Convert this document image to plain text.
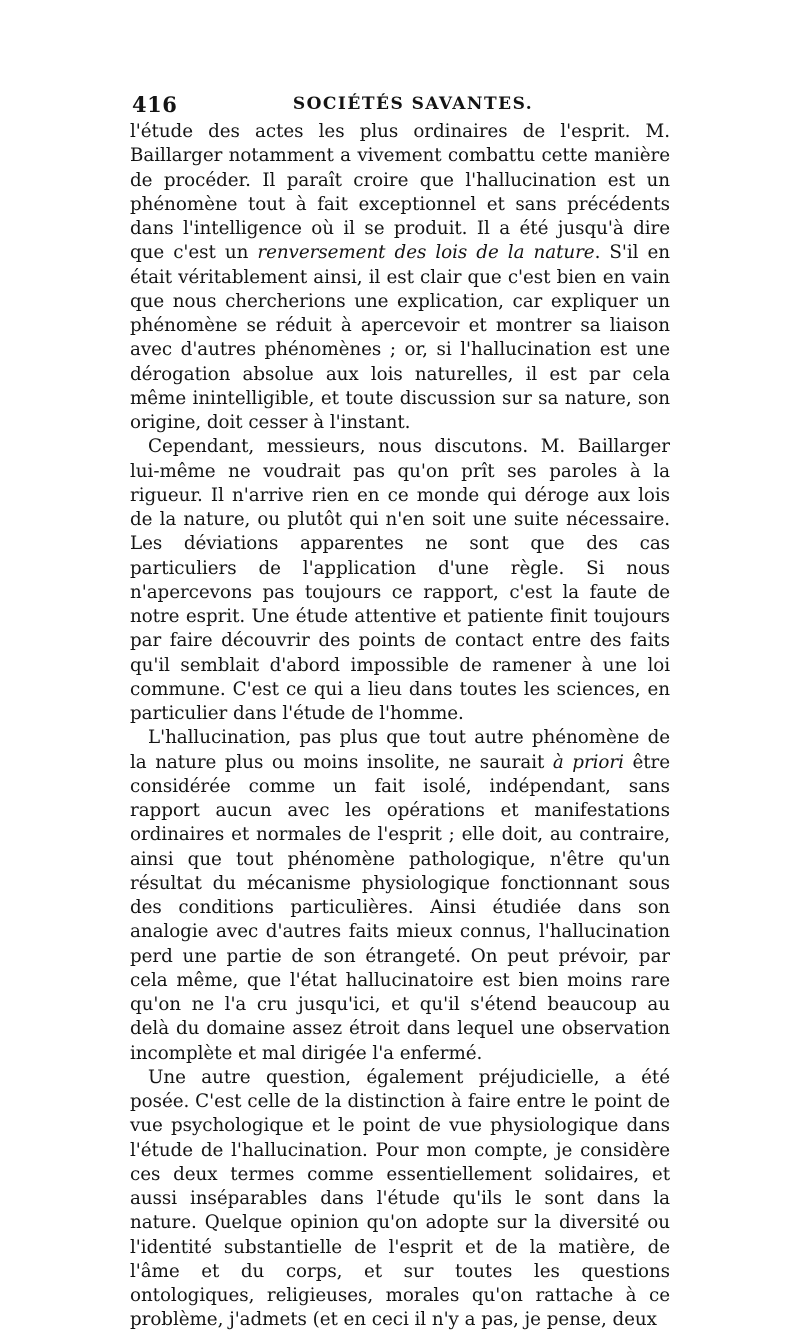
416	SOCIÉTÉS SAVANTES.

l'étude des actes les plus ordinaires de l'esprit. M. Baillarger notamment a vivement combattu cette manière de procéder. Il paraît croire que l'hallucination est un phénomène tout à fait exceptionnel et sans précédents dans l'intelligence où il se produit. Il a été jusqu'à dire que c'est un renversement des lois de la nature. S'il en était véritablement ainsi, il est clair que c'est bien en vain que nous chercherions une explication, car expliquer un phénomène se réduit à apercevoir et montrer sa liaison avec d'autres phénomènes ; or, si l'hallucination est une dérogation absolue aux lois naturelles, il est par cela même inintelligible, et toute discussion sur sa nature, son origine, doit cesser à l'instant.

Cependant, messieurs, nous discutons. M. Baillarger lui-même ne voudrait pas qu'on prît ses paroles à la rigueur. Il n'arrive rien en ce monde qui déroge aux lois de la nature, ou plutôt qui n'en soit une suite nécessaire. Les déviations apparentes ne sont que des cas particuliers de l'application d'une règle. Si nous n'apercevons pas toujours ce rapport, c'est la faute de notre esprit. Une étude attentive et patiente finit toujours par faire découvrir des points de contact entre des faits qu'il semblait d'abord impossible de ramener à une loi commune. C'est ce qui a lieu dans toutes les sciences, en particulier dans l'étude de l'homme.

L'hallucination, pas plus que tout autre phénomène de la nature plus ou moins insolite, ne saurait à priori être considérée comme un fait isolé, indépendant, sans rapport aucun avec les opérations et manifestations ordinaires et normales de l'esprit ; elle doit, au contraire, ainsi que tout phénomène pathologique, n'être qu'un résultat du mécanisme physiologique fonctionnant sous des conditions particulières. Ainsi étudiée dans son analogie avec d'autres faits mieux connus, l'hallucination perd une partie de son étrangeté. On peut prévoir, par cela même, que l'état hallucinatoire est bien moins rare qu'on ne l'a cru jusqu'ici, et qu'il s'étend beaucoup au delà du domaine assez étroit dans lequel une observation incomplète et mal dirigée l'a enfermé.

Une autre question, également préjudicielle, a été posée. C'est celle de la distinction à faire entre le point de vue psychologique et le point de vue physiologique dans l'étude de l'hallucination. Pour mon compte, je considère ces deux termes comme essentiellement solidaires, et aussi inséparables dans l'étude qu'ils le sont dans la nature. Quelque opinion qu'on adopte sur la diversité ou l'identité substantielle de l'esprit et de la matière, de l'âme et du corps, et sur toutes les questions ontologiques, religieuses, morales qu'on rattache à ce problème, j'admets (et en ceci il n'y a pas, je pense, deux
